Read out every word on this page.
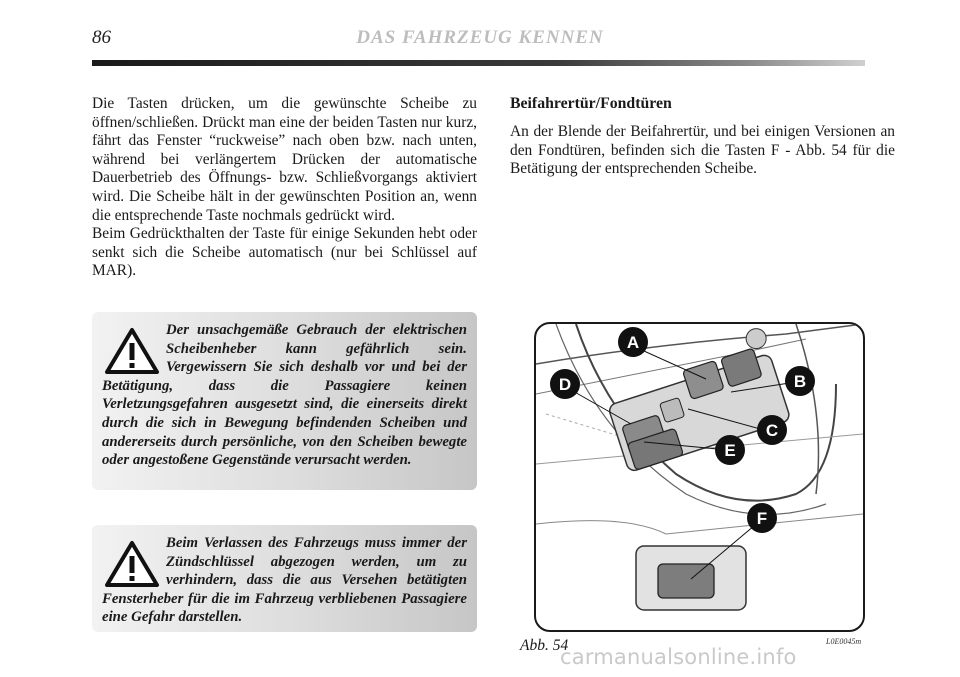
86	DAS FAHRZEUG KENNEN

Die Tasten drücken, um die gewünschte Scheibe zu öffnen/schließen. Drückt man eine der beiden Tasten nur kurz, fährt das Fenster “ruckweise” nach oben bzw. nach unten, während bei verlängertem Drücken der automatische Dauerbetrieb des Öffnungs- bzw. Schließvorgangs aktiviert wird. Die Scheibe hält in der gewünschten Position an, wenn die entsprechende Taste nochmals gedrückt wird.

Beim Gedrückthalten der Taste für einige Sekunden hebt oder senkt sich die Scheibe automatisch (nur bei Schlüssel auf MAR).

Der unsachgemäße Gebrauch der elektrischen Scheibenheber kann gefährlich sein. Vergewissern Sie sich deshalb vor und bei der Betätigung, dass die Passagiere keinen Verletzungsgefahren ausgesetzt sind, die einerseits direkt durch die sich in Bewegung befindenden Scheiben und andererseits durch persönliche, von den Scheiben bewegte oder angestoßene Gegenstände verursacht werden.

Beim Verlassen des Fahrzeugs muss immer der Zündschlüssel abgezogen werden, um zu verhindern, dass die aus Versehen betätigten Fensterheber für die im Fahrzeug verbliebenen Passagiere eine Gefahr darstellen.

Beifahrertür/Fondtüren

An der Blende der Beifahrertür, und bei einigen Versionen an den Fondtüren, befinden sich die Tasten F - Abb. 54 für die Betätigung der entsprechenden Scheibe.

A
B
C
D
E
F
Abb. 54	L0E0045m
carmanualsonline.info
